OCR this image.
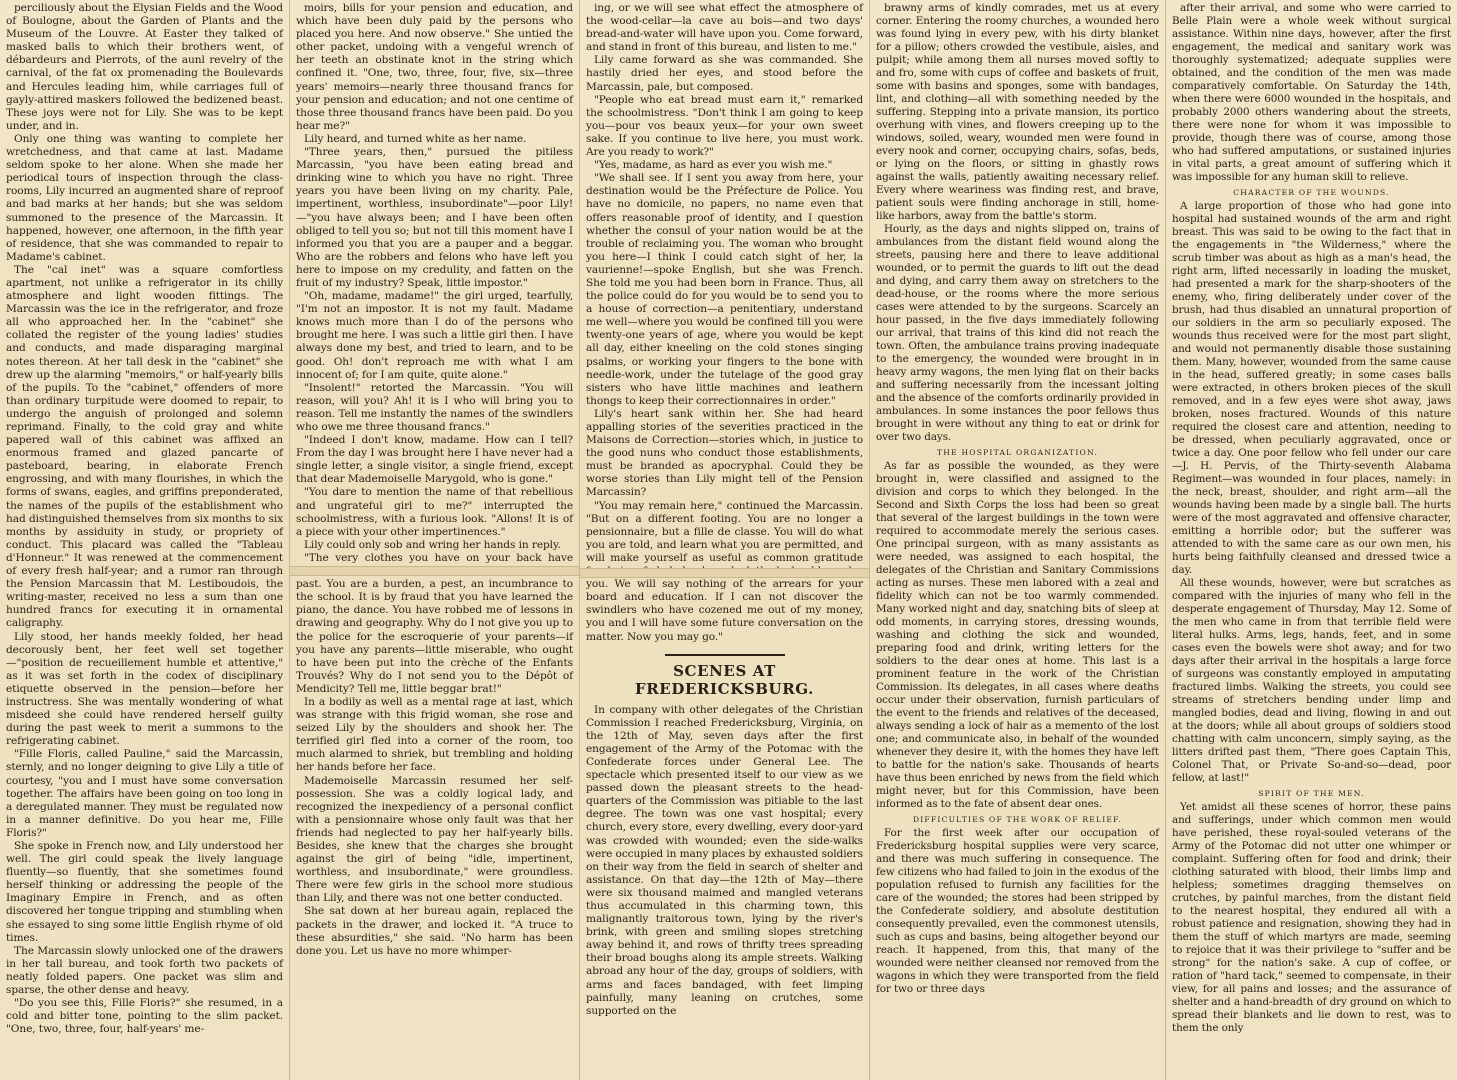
perciliously about the Elysian Fields and the Wood of Boulogne, about the Garden of Plants and the Museum of the Louvre. At Easter they talked of masked balls to which their brothers went, of débardeurs and Pierrots, of the aunl revelry of the carnival, of the fat ox promenading the Boulevards and Hercules leading him, while carriages full of gayly-attired maskers followed the bedizened beast. These joys were not for Lily. She was to be kept under, and in.

Only one thing was wanting to complete her wretchedness, and that came at last. Madame seldom spoke to her alone. When she made her periodical tours of inspection through the class-rooms, Lily incurred an augmented share of reproof and bad marks at her hands; but she was seldom summoned to the presence of the Marcassin. It happened, however, one afternoon, in the fifth year of residence, that she was commanded to repair to Madame's cabinet.

The "cal inet" was a square comfortless apartment, not unlike a refrigerator in its chilly atmosphere and light wooden fittings. The Marcassin was the ice in the refrigerator, and froze all who approached her. In the "cabinet" she collated the register of the young ladies' studies and conducts, and made disparaging marginal notes thereon. At her tall desk in the "cabinet" she drew up the alarming "memoirs," or half-yearly bills of the pupils. To the "cabinet," offenders of more than ordinary turpitude were doomed to repair, to undergo the anguish of prolonged and solemn reprimand. Finally, to the cold gray and white papered wall of this cabinet was affixed an enormous framed and glazed pancarte of pasteboard, bearing, in elaborate French engrossing, and with many flourishes, in which the forms of swans, eagles, and griffins preponderated, the names of the pupils of the establishment who had distinguished themselves from six months to six months by assiduity in study, or propriety of conduct. This placard was called the "Tableau d'Honneur." It was renewed at the commencement of every fresh half-year; and a rumor ran through the Pension Marcassin that M. Lestiboudois, the writing-master, received no less a sum than one hundred francs for executing it in ornamental caligraphy.

Lily stood, her hands meekly folded, her head decorously bent, her feet well set together—"position de recueillement humble et attentive," as it was set forth in the codex of disciplinary etiquette observed in the pension—before her instructress. She was mentally wondering of what misdeed she could have rendered herself guilty during the past week to merit a summons to the refrigerating cabinet.

"Fille Floris, called Pauline," said the Marcassin, sternly, and no longer deigning to give Lily a title of courtesy, "you and I must have some conversation together. The affairs have been going on too long in a deregulated manner. They must be regulated now in a manner definitive. Do you hear me, Fille Floris?"

She spoke in French now, and Lily understood her well. The girl could speak the lively language fluently—so fluently, that she sometimes found herself thinking or addressing the people of the Imaginary Empire in French, and as often discovered her tongue tripping and stumbling when she essayed to sing some little English rhyme of old times.

The Marcassin slowly unlocked one of the drawers in her tall bureau, and took forth two packets of neatly folded papers. One packet was slim and sparse, the other dense and heavy.

"Do you see this, Fille Floris?" she resumed, in a cold and bitter tone, pointing to the slim packet. "One, two, three, four, half-years' me-

moirs, bills for your pension and education, and which have been duly paid by the persons who placed you here. And now observe." She untied the other packet, undoing with a vengeful wrench of her teeth an obstinate knot in the string which confined it. "One, two, three, four, five, six—three years' memoirs—nearly three thousand francs for your pension and education; and not one centime of those three thousand francs have been paid. Do you hear me?"

Lily heard, and turned white as her name.

"Three years, then," pursued the pitiless Marcassin, "you have been eating bread and drinking wine to which you have no right. Three years you have been living on my charity. Pale, impertinent, worthless, insubordinate"—poor Lily!—"you have always been; and I have been often obliged to tell you so; but not till this moment have I informed you that you are a pauper and a beggar. Who are the robbers and felons who have left you here to impose on my credulity, and fatten on the fruit of my industry? Speak, little impostor."

"Oh, madame, madame!" the girl urged, tearfully, "I'm not an impostor. It is not my fault. Madame knows much more than I do of the persons who brought me here. I was such a little girl then. I have always done my best, and tried to learn, and to be good. Oh! don't reproach me with what I am innocent of; for I am quite, quite alone."

"Insolent!" retorted the Marcassin. "You will reason, will you? Ah! it is I who will bring you to reason. Tell me instantly the names of the swindlers who owe me three thousand francs."

"Indeed I don't know, madame. How can I tell? From the day I was brought here I have never had a single letter, a single visitor, a single friend, except that dear Mademoiselle Marygold, who is gone."

"You dare to mention the name of that rebellious and ungrateful girl to me?" interrupted the schoolmistress, with a furious look. "Allons! It is of a piece with your other impertinences."

Lily could only sob and wring her hands in reply.

"The very clothes you have on your back have past. You are a burden, a pest, an incumbrance to the school. It is by fraud that you have learned the piano, the dance. You have robbed me of lessons in drawing and geography. Why do I not give you up to the police for the escroquerie of your parents—if you have any parents—little miserable, who ought to have been put into the crèche of the Enfants Trouvés? Why do I not send you to the Dépôt of Mendicity? Tell me, little beggar brat!"

In a bodily as well as a mental rage at last, which was strange with this frigid woman, she rose and seized Lily by the shoulders and shook her. The terrified girl fled into a corner of the room, too much alarmed to shriek, but trembling and holding her hands before her face.

Mademoiselle Marcassin resumed her self-possession. She was a coldly logical lady, and recognized the inexpediency of a personal conflict with a pensionnaire whose only fault was that her friends had neglected to pay her half-yearly bills. Besides, she knew that the charges she brought against the girl of being "idle, impertinent, worthless, and insubordinate," were groundless. There were few girls in the school more studious than Lily, and there was not one better conducted.

She sat down at her bureau again, replaced the packets in the drawer, and locked it. "A truce to these absurdities," she said. "No harm has been done you. Let us have no more whimper-

ing, or we will see what effect the atmosphere of the wood-cellar—la cave au bois—and two days' bread-and-water will have upon you. Come forward, and stand in front of this bureau, and listen to me."

Lily came forward as she was commanded. She hastily dried her eyes, and stood before the Marcassin, pale, but composed.

"People who eat bread must earn it," remarked the schoolmistress. "Don't think I am going to keep you—pour vos beaux yeux—for your own sweet sake. If you continue to live here, you must work. Are you ready to work?"

"Yes, madame, as hard as ever you wish me."

"We shall see. If I sent you away from here, your destination would be the Préfecture de Police. You have no domicile, no papers, no name even that offers reasonable proof of identity, and I question whether the consul of your nation would be at the trouble of reclaiming you. The woman who brought you here—I think I could catch sight of her, la vaurienne!—spoke English, but she was French. She told me you had been born in France. Thus, all the police could do for you would be to send you to a house of correction—a penitentiary, understand me well—where you would be confined till you were twenty-one years of age, where you would be kept all day, either kneeling on the cold stones singing psalms, or working your fingers to the bone with needle-work, under the tutelage of the good gray sisters who have little machines and leathern thongs to keep their correctionnaires in order."

Lily's heart sank within her. She had heard appalling stories of the severities practiced in the Maisons de Correction—stories which, in justice to the good nuns who conduct those establishments, must be branded as apocryphal. Could they be worse stories than Lily might tell of the Pension Marcassin?

"You may remain here," continued the Marcassin. "But on a different footing. You are no longer a pensionnaire, but a fille de classe. You will do what you are told, and learn what you are permitted, and will make yourself as useful as common gratitude you. We will say nothing of the arrears for your board and education. If I can not discover the swindlers who have cozened me out of my money, you and I will have some future conversation on the matter. Now you may go."

SCENES AT FREDERICKSBURG.

In company with other delegates of the Christian Commission I reached Fredericksburg, Virginia, on the 12th of May, seven days after the first engagement of the Army of the Potomac with the Confederate forces under General Lee. The spectacle which presented itself to our view as we passed down the pleasant streets to the head-quarters of the Commission was pitiable to the last degree. The town was one vast hospital; every church, every store, every dwelling, every door-yard was crowded with wounded; even the side-walks were occupied in many places by exhausted soldiers on their way from the field in search of shelter and assistance. On that day—the 12th of May—there were six thousand maimed and mangled veterans thus accumulated in this charming town, this malignantly traitorous town, lying by the river's brink, with green and smiling slopes stretching away behind it, and rows of thrifty trees spreading their broad boughs along its ample streets. Walking abroad any hour of the day, groups of soldiers, with arms and faces bandaged, with feet limping painfully, many leaning on crutches, some supported on the

brawny arms of kindly comrades, met us at every corner. Entering the roomy churches, a wounded hero was found lying in every pew, with his dirty blanket for a pillow; others crowded the vestibule, aisles, and pulpit; while among them all nurses moved softly to and fro, some with cups of coffee and baskets of fruit, some with basins and sponges, some with bandages, lint, and clothing—all with something needed by the suffering. Stepping into a private mansion, its portico overhung with vines, and flowers creeping up to the windows, soiled, weary, wounded men were found in every nook and corner, occupying chairs, sofas, beds, or lying on the floors, or sitting in ghastly rows against the walls, patiently awaiting necessary relief. Every where weariness was finding rest, and brave, patient souls were finding anchorage in still, home-like harbors, away from the battle's storm.

Hourly, as the days and nights slipped on, trains of ambulances from the distant field wound along the streets, pausing here and there to leave additional wounded, or to permit the guards to lift out the dead and dying, and carry them away on stretchers to the dead-house, or the rooms where the more serious cases were attended to by the surgeons. Scarcely an hour passed, in the five days immediately following our arrival, that trains of this kind did not reach the town. Often, the ambulance trains proving inadequate to the emergency, the wounded were brought in in heavy army wagons, the men lying flat on their backs and suffering necessarily from the incessant jolting and the absence of the comforts ordinarily provided in ambulances. In some instances the poor fellows thus brought in were without any thing to eat or drink for over two days.

THE HOSPITAL ORGANIZATION.

As far as possible the wounded, as they were brought in, were classified and assigned to the division and corps to which they belonged. In the Second and Sixth Corps the loss had been so great that several of the largest buildings in the town were required to accommodate merely the serious cases. One principal surgeon, with as many assistants as were needed, was assigned to each hospital, the delegates of the Christian and Sanitary Commissions acting as nurses. These men labored with a zeal and fidelity which can not be too warmly commended. Many worked night and day, snatching bits of sleep at odd moments, in carrying stores, dressing wounds, washing and clothing the sick and wounded, preparing food and drink, writing letters for the soldiers to the dear ones at home. This last is a prominent feature in the work of the Christian Commission. Its delegates, in all cases where deaths occur under their observation, furnish particulars of the event to the friends and relatives of the deceased, always sending a lock of hair as a memento of the lost one; and communicate also, in behalf of the wounded whenever they desire it, with the homes they have left to battle for the nation's sake. Thousands of hearts have thus been enriched by news from the field which might never, but for this Commission, have been informed as to the fate of absent dear ones.

DIFFICULTIES OF THE WORK OF RELIEF.

For the first week after our occupation of Fredericksburg hospital supplies were very scarce, and there was much suffering in consequence. The few citizens who had failed to join in the exodus of the population refused to furnish any facilities for the care of the wounded; the stores had been stripped by the Confederate soldiery, and absolute destitution consequently prevailed, even the commonest utensils, such as cups and basins, being altogether beyond our reach. It happened, from this, that many of the wounded were neither cleansed nor removed from the wagons in which they were transported from the field for two or three days

after their arrival, and some who were carried to Belle Plain were a whole week without surgical assistance. Within nine days, however, after the first engagement, the medical and sanitary work was thoroughly systematized; adequate supplies were obtained, and the condition of the men was made comparatively comfortable. On Saturday the 14th, when there were 6000 wounded in the hospitals, and probably 2000 others wandering about the streets, there were none for whom it was impossible to provide, though there was of course, among those who had suffered amputations, or sustained injuries in vital parts, a great amount of suffering which it was impossible for any human skill to relieve.

CHARACTER OF THE WOUNDS.

A large proportion of those who had gone into hospital had sustained wounds of the arm and right breast. This was said to be owing to the fact that in the engagements in "the Wilderness," where the scrub timber was about as high as a man's head, the right arm, lifted necessarily in loading the musket, had presented a mark for the sharp-shooters of the enemy, who, firing deliberately under cover of the brush, had thus disabled an unnatural proportion of our soldiers in the arm so peculiarly exposed. The wounds thus received were for the most part slight, and would not permanently disable those sustaining them. Many, however, wounded from the same cause in the head, suffered greatly; in some cases balls were extracted, in others broken pieces of the skull removed, and in a few eyes were shot away, jaws broken, noses fractured. Wounds of this nature required the closest care and attention, needing to be dressed, when peculiarly aggravated, once or twice a day. One poor fellow who fell under our care—J. H. Pervis, of the Thirty-seventh Alabama Regiment—was wounded in four places, namely: in the neck, breast, shoulder, and right arm—all the wounds having been made by a single ball. The hurts were of the most aggravated and offensive character, emitting a horrible odor; but the sufferer was attended to with the same care as our own men, his hurts being faithfully cleansed and dressed twice a day.

All these wounds, however, were but scratches as compared with the injuries of many who fell in the desperate engagement of Thursday, May 12. Some of the men who came in from that terrible field were literal hulks. Arms, legs, hands, feet, and in some cases even the bowels were shot away; and for two days after their arrival in the hospitals a large force of surgeons was constantly employed in amputating fractured limbs. Walking the streets, you could see streams of stretchers bending under limp and mangled bodies, dead and living, flowing in and out at the doors; while all about groups of soldiers stood chatting with calm unconcern, simply saying, as the litters drifted past them, "There goes Captain This, Colonel That, or Private So-and-so—dead, poor fellow, at last!"

SPIRIT OF THE MEN.

Yet amidst all these scenes of horror, these pains and sufferings, under which common men would have perished, these royal-souled veterans of the Army of the Potomac did not utter one whimper or complaint. Suffering often for food and drink; their clothing saturated with blood, their limbs limp and helpless; sometimes dragging themselves on crutches, by painful marches, from the distant field to the nearest hospital, they endured all with a robust patience and resignation, showing they had in them the stuff of which martyrs are made, seeming to rejoice that it was their privilege to "suffer and be strong" for the nation's sake. A cup of coffee, or ration of "hard tack," seemed to compensate, in their view, for all pains and losses; and the assurance of shelter and a hand-breadth of dry ground on which to spread their blankets and lie down to rest, was to them the only
